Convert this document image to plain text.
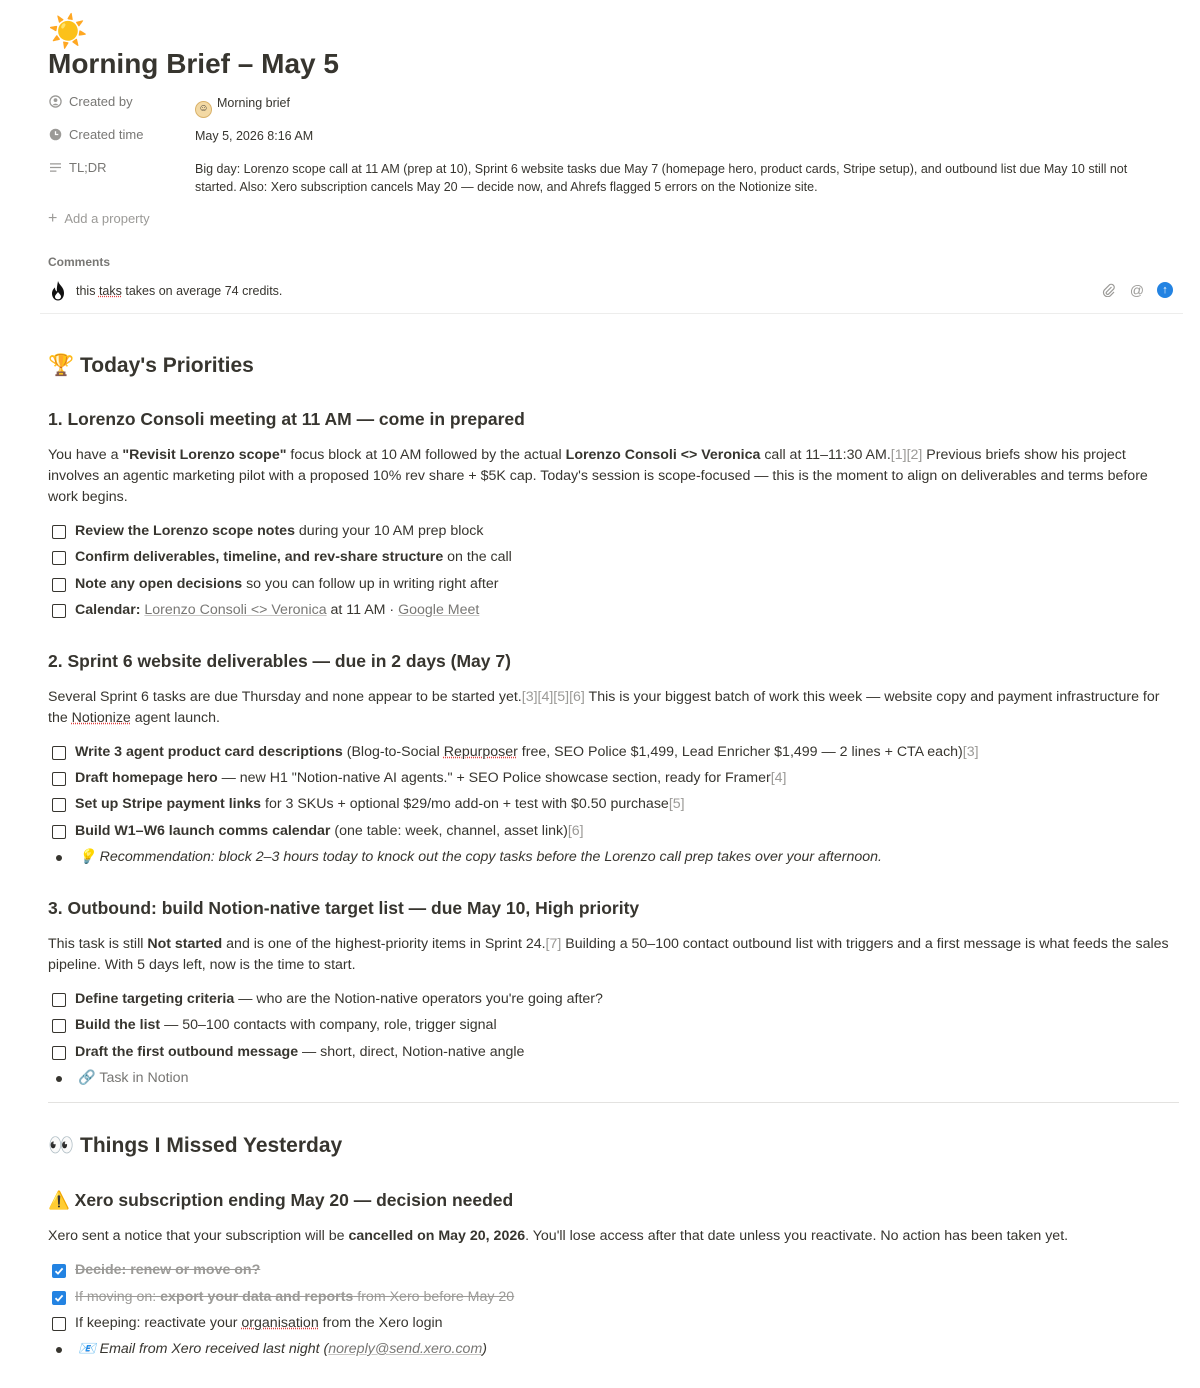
☀️
Morning Brief – May 5
Created by	☺ Morning brief
Created time	May 5, 2026 8:16 AM
TL;DR	Big day: Lorenzo scope call at 11 AM (prep at 10), Sprint 6 website tasks due May 7 (homepage hero, product cards, Stripe setup), and outbound list due May 10 still not started. Also: Xero subscription cancels May 20 — decide now, and Ahrefs flagged 5 errors on the Notionize site.
+ Add a property
Comments
this taks takes on average 74 credits.	@	↑
🏆 Today's Priorities
1. Lorenzo Consoli meeting at 11 AM — come in prepared
You have a "Revisit Lorenzo scope" focus block at 10 AM followed by the actual Lorenzo Consoli <> Veronica call at 11–11:30 AM.[1][2] Previous briefs show his project involves an agentic marketing pilot with a proposed 10% rev share + $5K cap. Today's session is scope-focused — this is the moment to align on deliverables and terms before work begins.
Review the Lorenzo scope notes during your 10 AM prep block
Confirm deliverables, timeline, and rev-share structure on the call
Note any open decisions so you can follow up in writing right after
Calendar: Lorenzo Consoli <> Veronica at 11 AM · Google Meet
2. Sprint 6 website deliverables — due in 2 days (May 7)
Several Sprint 6 tasks are due Thursday and none appear to be started yet.[3][4][5][6] This is your biggest batch of work this week — website copy and payment infrastructure for the Notionize agent launch.
Write 3 agent product card descriptions (Blog-to-Social Repurposer free, SEO Police $1,499, Lead Enricher $1,499 — 2 lines + CTA each)[3]
Draft homepage hero — new H1 "Notion-native AI agents." + SEO Police showcase section, ready for Framer[4]
Set up Stripe payment links for 3 SKUs + optional $29/mo add-on + test with $0.50 purchase[5]
Build W1–W6 launch comms calendar (one table: week, channel, asset link)[6]
💡 Recommendation: block 2–3 hours today to knock out the copy tasks before the Lorenzo call prep takes over your afternoon.
3. Outbound: build Notion-native target list — due May 10, High priority
This task is still Not started and is one of the highest-priority items in Sprint 24.[7] Building a 50–100 contact outbound list with triggers and a first message is what feeds the sales pipeline. With 5 days left, now is the time to start.
Define targeting criteria — who are the Notion-native operators you're going after?
Build the list — 50–100 contacts with company, role, trigger signal
Draft the first outbound message — short, direct, Notion-native angle
🔗 Task in Notion
👀 Things I Missed Yesterday
⚠️ Xero subscription ending May 20 — decision needed
Xero sent a notice that your subscription will be cancelled on May 20, 2026. You'll lose access after that date unless you reactivate. No action has been taken yet.
Decide: renew or move on?
If moving on: export your data and reports from Xero before May 20
If keeping: reactivate your organisation from the Xero login
📧 Email from Xero received last night (noreply@send.xero.com)
